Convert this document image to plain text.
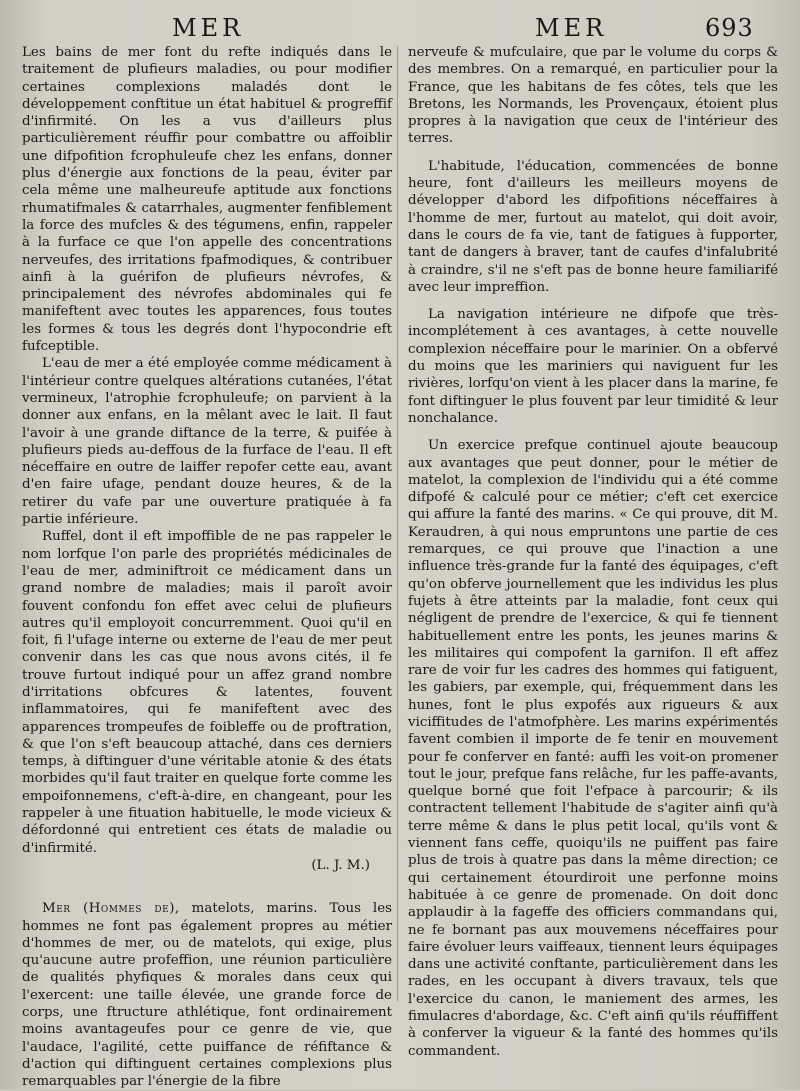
MER	MER	693

Les bains de mer font du refte indiqués dans le traitement de plufieurs maladies, ou pour modifier certaines complexions maladés dont le développement conftitue un état habituel & progreffif d'infirmité. On les a vus d'ailleurs plus particulièrement réuffir pour combattre ou affoiblir une difpofition fcrophuleufe chez les enfans, donner plus d'énergie aux fonctions de la peau, éviter par cela même une malheureufe aptitude aux fonctions rhumatifmales & catarrhales, augmenter fenfiblement la force des mufcles & des tégumens, enfin, rappeler à la furface ce que l'on appelle des concentrations nerveufes, des irritations fpafmodiques, & contribuer ainfi à la guérifon de plufieurs névrofes, & principalement des névrofes abdominales qui fe manifeftent avec toutes les apparences, fous toutes les formes & tous les degrés dont l'hypocondrie eft fufceptible.

L'eau de mer a été employée comme médicament à l'intérieur contre quelques altérations cutanées, l'état vermineux, l'atrophie fcrophuleufe; on parvient à la donner aux enfans, en la mêlant avec le lait. Il faut l'avoir à une grande diftance de la terre, & puifée à plufieurs pieds au-deffous de la furface de l'eau. Il eft néceffaire en outre de laiffer repofer cette eau, avant d'en faire ufage, pendant douze heures, & de la retirer du vafe par une ouverture pratiquée à fa partie inférieure.

Ruffel, dont il eft impoffible de ne pas rappeler le nom lorfque l'on parle des propriétés médicinales de l'eau de mer, adminiftroit ce médicament dans un grand nombre de maladies; mais il paroît avoir fouvent confondu fon effet avec celui de plufieurs autres qu'il employoit concurremment. Quoi qu'il en foit, fi l'ufage interne ou externe de l'eau de mer peut convenir dans les cas que nous avons cités, il fe trouve furtout indiqué pour un affez grand nombre d'irritations obfcures & latentes, fouvent inflammatoires, qui fe manifeftent avec des apparences trompeufes de foibleffe ou de proftration, & que l'on s'eft beaucoup attaché, dans ces derniers temps, à diftinguer d'une véritable atonie & des états morbides qu'il faut traiter en quelque forte comme les empoifonnemens, c'eft-à-dire, en changeant, pour les rappeler à une fituation habituelle, le mode vicieux & défordonné qui entretient ces états de maladie ou d'infirmité.

(L. J. M.)

Mer (Hommes de), matelots, marins. Tous les hommes ne font pas également propres au métier d'hommes de mer, ou de matelots, qui exige, plus qu'aucune autre profeffion, une réunion particulière de qualités phyfiques & morales dans ceux qui l'exercent: une taille élevée, une grande force de corps, une ftructure athlétique, font ordinairement moins avantageufes pour ce genre de vie, que l'audace, l'agilité, cette puiffance de réfiftance & d'action qui diftinguent certaines complexions plus remarquables par l'énergie de la fibre

nerveufe & mufculaire, que par le volume du corps & des membres. On a remarqué, en particulier pour la France, que les habitans de fes côtes, tels que les Bretons, les Normands, les Provençaux, étoient plus propres à la navigation que ceux de l'intérieur des terres.

L'habitude, l'éducation, commencées de bonne heure, font d'ailleurs les meilleurs moyens de développer d'abord les difpofitions néceffaires à l'homme de mer, furtout au matelot, qui doit avoir, dans le cours de fa vie, tant de fatigues à fupporter, tant de dangers à braver, tant de caufes d'infalubrité à craindre, s'il ne s'eft pas de bonne heure familiarifé avec leur impreffion.

La navigation intérieure ne difpofe que très-incomplétement à ces avantages, à cette nouvelle complexion néceffaire pour le marinier. On a obfervé du moins que les mariniers qui naviguent fur les rivières, lorfqu'on vient à les placer dans la marine, fe font diftinguer le plus fouvent par leur timidité & leur nonchalance.

Un exercice prefque continuel ajoute beaucoup aux avantages que peut donner, pour le métier de matelot, la complexion de l'individu qui a été comme difpofé & calculé pour ce métier; c'eft cet exercice qui affure la fanté des marins. « Ce qui prouve, dit M. Keraudren, à qui nous empruntons une partie de ces remarques, ce qui prouve que l'inaction a une influence très-grande fur la fanté des équipages, c'eft qu'on obferve journellement que les individus les plus fujets à être atteints par la maladie, font ceux qui négligent de prendre de l'exercice, & qui fe tiennent habituellement entre les ponts, les jeunes marins & les militaires qui compofent la garnifon. Il eft affez rare de voir fur les cadres des hommes qui fatiguent, les gabiers, par exemple, qui, fréquemment dans les hunes, font le plus expofés aux rigueurs & aux viciffitudes de l'atmofphère. Les marins expérimentés favent combien il importe de fe tenir en mouvement pour fe conferver en fanté: auffi les voit-on promener tout le jour, prefque fans relâche, fur les paffe-avants, quelque borné que foit l'efpace à parcourir; & ils contractent tellement l'habitude de s'agiter ainfi qu'à terre même & dans le plus petit local, qu'ils vont & viennent fans ceffe, quoiqu'ils ne puiffent pas faire plus de trois à quatre pas dans la même direction; ce qui certainement étourdiroit une perfonne moins habituée à ce genre de promenade. On doit donc applaudir à la fageffe des officiers commandans qui, ne fe bornant pas aux mouvemens néceffaires pour faire évoluer leurs vaiffeaux, tiennent leurs équipages dans une activité conftante, particulièrement dans les rades, en les occupant à divers travaux, tels que l'exercice du canon, le maniement des armes, les fimulacres d'abordage, &c. C'eft ainfi qu'ils réuffiffent à conferver la vigueur & la fanté des hommes qu'ils commandent.
